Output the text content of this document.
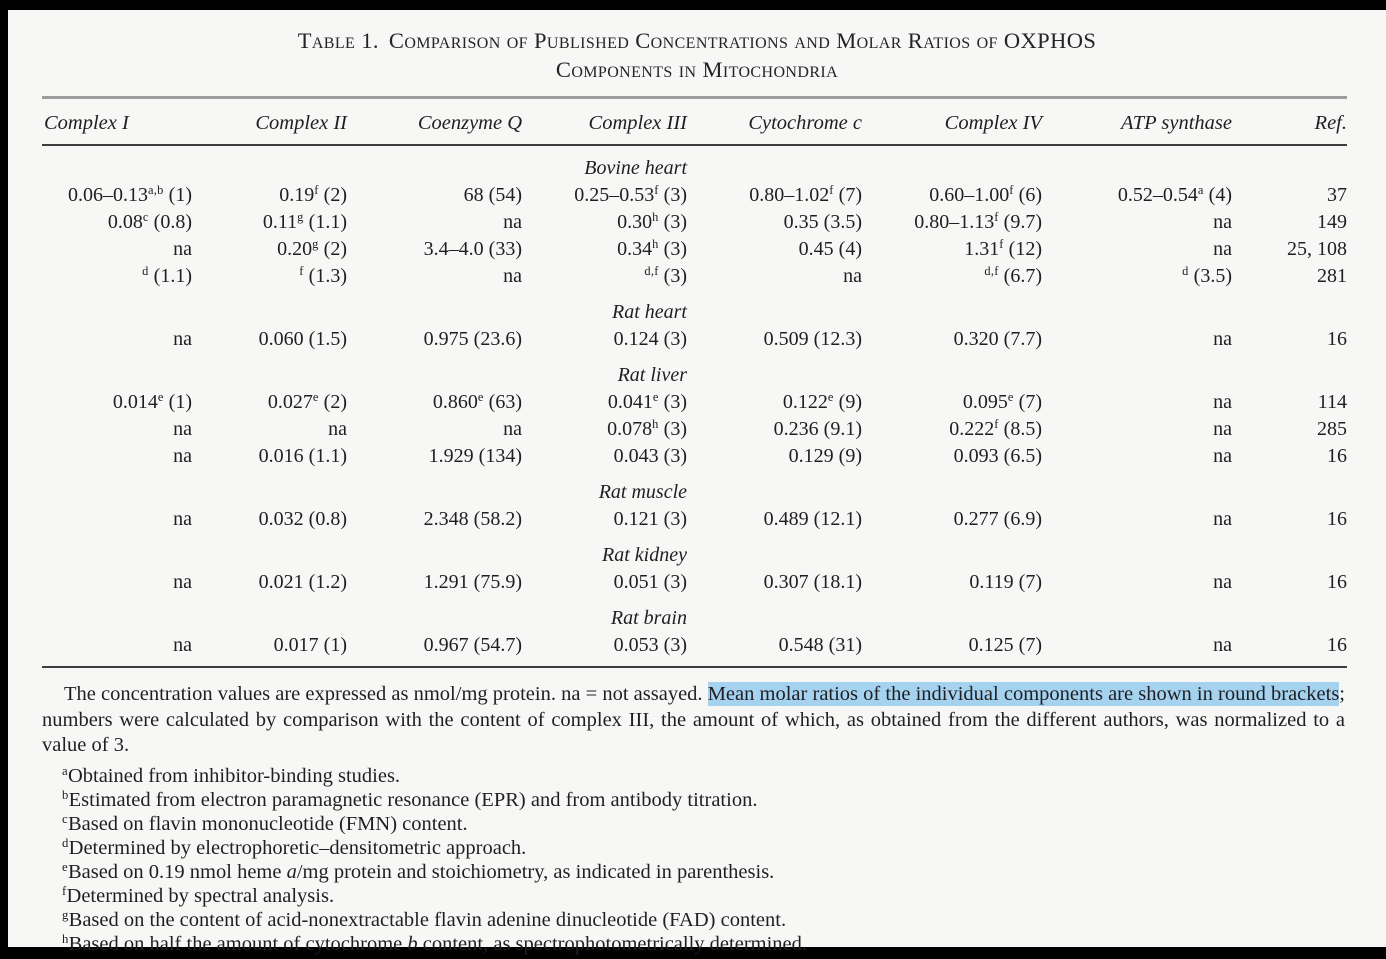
Table 1. Comparison of Published Concentrations and Molar Ratios of OXPHOS
Components in Mitochondria
Complex I	Complex II	Coenzyme Q	Complex III	Cytochrome c	Complex IV	ATP synthase	Ref.
Bovine heart							
0.06–0.13$^{a,b}$ (1)	0.19$^f$ (2)	68 (54)	0.25–0.53$^f$ (3)	0.80–1.02$^f$ (7)	0.60–1.00$^f$ (6)	0.52–0.54$^a$ (4)	37
0.08$^c$ (0.8)	0.11$^g$ (1.1)	na	0.30$^h$ (3)	0.35 (3.5)	0.80–1.13$^f$ (9.7)	na	149
na	0.20$^g$ (2)	3.4–4.0 (33)	0.34$^h$ (3)	0.45 (4)	1.31$^f$ (12)	na	25, 108
$^d$ (1.1)	$^f$ (1.3)	na	$^{d,f}$ (3)	na	$^{d,f}$ (6.7)	$^d$ (3.5)	281
Rat heart							
na	0.060 (1.5)	0.975 (23.6)	0.124 (3)	0.509 (12.3)	0.320 (7.7)	na	16
Rat liver							
0.014e (1)	0.027e (2)	0.860e (63)	0.041e (3)	0.122e (9)	0.095e (7)	na	114
na	na	na	0.078$^h$ (3)	0.236 (9.1)	0.222$^f$ (8.5)	na	285
na	0.016 (1.1)	1.929 (134)	0.043 (3)	0.129 (9)	0.093 (6.5)	na	16
Rat muscle							
na	0.032 (0.8)	2.348 (58.2)	0.121 (3)	0.489 (12.1)	0.277 (6.9)	na	16
Rat kidney							
na	0.021 (1.2)	1.291 (75.9)	0.051 (3)	0.307 (18.1)	0.119 (7)	na	16
Rat brain							
na	0.017 (1)	0.967 (54.7)	0.053 (3)	0.548 (31)	0.125 (7)	na	16

The concentration values are expressed as nmol/mg protein. na = not assayed. Mean molar ratios of the individual components are shown in round brackets; numbers were calculated by comparison with the content of complex III, the amount of which, as obtained from the different authors, was normalized to a value of 3.

$^a$Obtained from inhibitor-binding studies.
$^b$Estimated from electron paramagnetic resonance (EPR) and from antibody titration.
$^c$Based on flavin mononucleotide (FMN) content.
$^d$Determined by electrophoretic–densitometric approach.
$^e$Based on 0.19 nmol heme a/mg protein and stoichiometry, as indicated in parenthesis.
$^f$Determined by spectral analysis.
$^g$Based on the content of acid-nonextractable flavin adenine dinucleotide (FAD) content.
$^h$Based on half the amount of cytochrome b content, as spectrophotometrically determined.
